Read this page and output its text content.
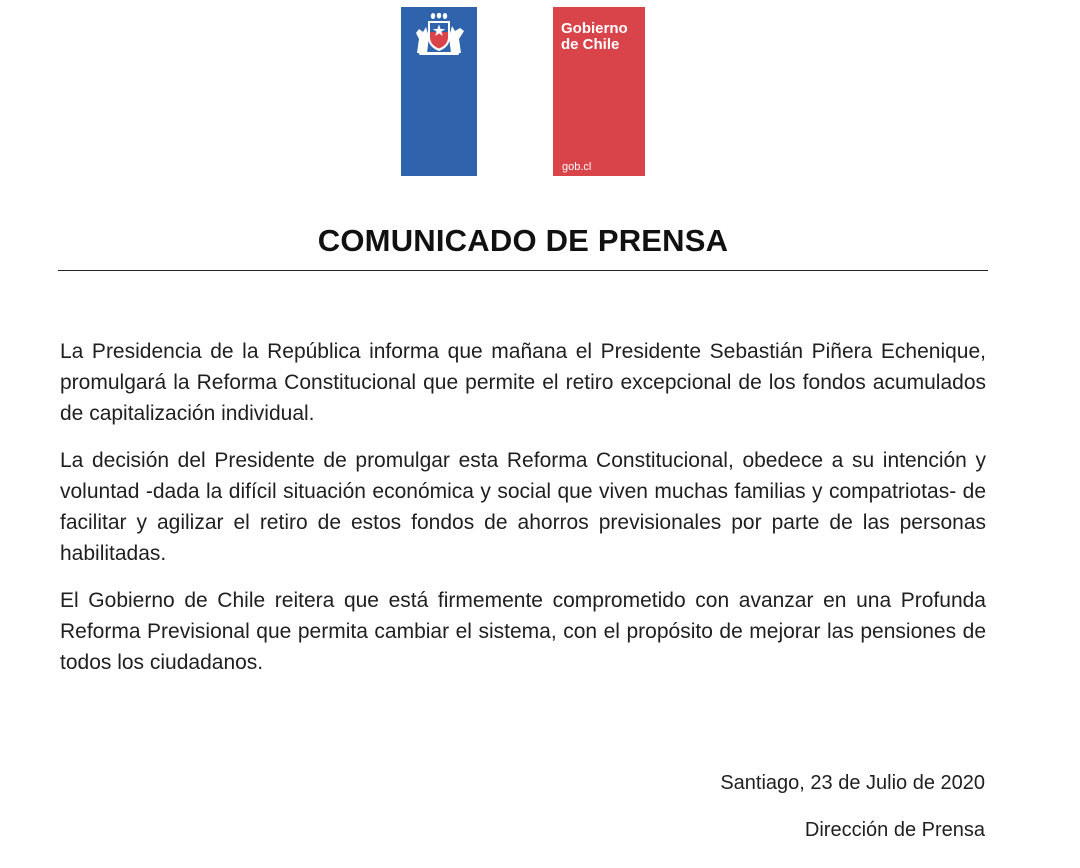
Gobierno
de Chile
gob.cl
COMUNICADO DE PRENSA

La Presidencia de la República informa que mañana el Presidente Sebastián Piñera Echenique, promulgará la Reforma Constitucional que permite el retiro excepcional de los fondos acumulados de capitalización individual.

La decisión del Presidente de promulgar esta Reforma Constitucional, obedece a su intención y voluntad -dada la difícil situación económica y social que viven muchas familias y compatriotas- de facilitar y agilizar el retiro de estos fondos de ahorros previsionales por parte de las personas habilitadas.

El Gobierno de Chile reitera que está firmemente comprometido con avanzar en una Profunda Reforma Previsional que permita cambiar el sistema, con el propósito de mejorar las pensiones de todos los ciudadanos.

Santiago, 23 de Julio de 2020
Dirección de Prensa
